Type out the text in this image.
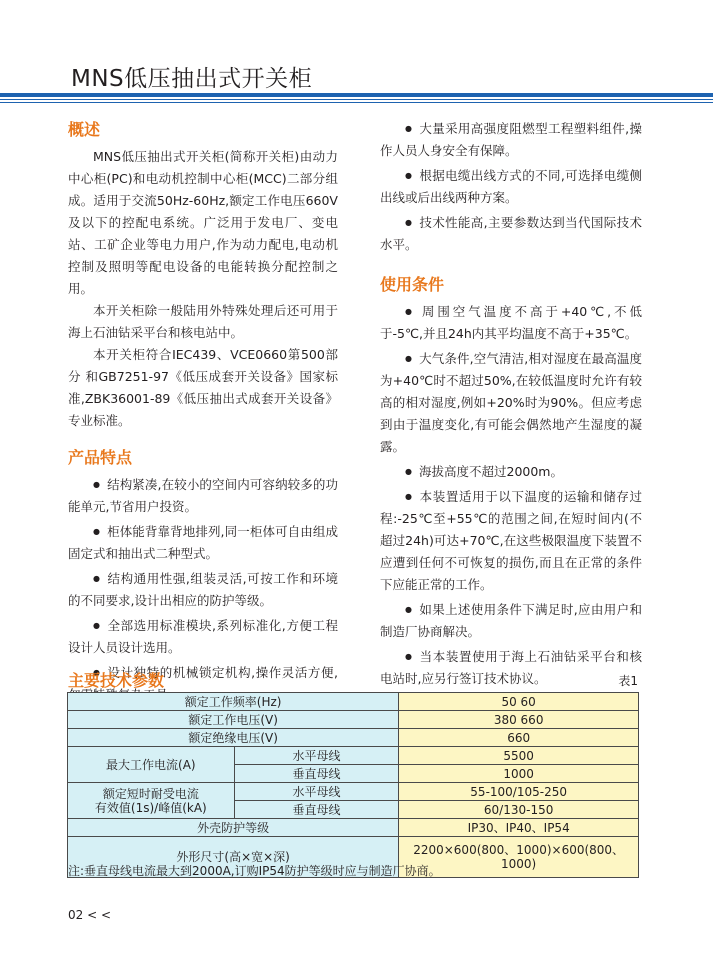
MNS低压抽出式开关柜
概述

MNS低压抽出式开关柜(简称开关柜)由动力中心柜(PC)和电动机控制中心柜(MCC)二部分组成。适用于交流50Hz-60Hz,额定工作电压660V及以下的控配电系统。广泛用于发电厂、变电站、工矿企业等电力用户,作为动力配电,电动机控制及照明等配电设备的电能转换分配控制之用。

本开关柜除一般陆用外特殊处理后还可用于海上石油钻采平台和核电站中。

本开关柜符合IEC439、VCE0660第500部分 和GB7251-97《低压成套开关设备》国家标准,ZBK36001-89《低压抽出式成套开关设备》专业标准。

产品特点

● 结构紧凑,在较小的空间内可容纳较多的功能单元,节省用户投资。

● 柜体能背靠背地排列,同一柜体可自由组成固定式和抽出式二种型式。

● 结构通用性强,组装灵活,可按工作和环境的不同要求,设计出相应的防护等级。

● 全部选用标准模块,系列标准化,方便工程设计人员设计选用。

● 设计独特的机械锁定机构,操作灵活方便,

● 大量采用高强度阻燃型工程塑料组件,操作人员人身安全有保障。

● 根据电缆出线方式的不同,可选择电缆侧出线或后出线两种方案。

● 技术性能高,主要参数达到当代国际技术水平。

使用条件

● 周围空气温度不高于+40℃,不低于-5℃,并且24h内其平均温度不高于+35℃。

● 大气条件,空气清洁,相对湿度在最高温度为+40℃时不超过50%,在较低温度时允许有较高的相对湿度,例如+20%时为90%。但应考虑到由于温度变化,有可能会偶然地产生湿度的凝露。

● 海拔高度不超过2000m。

● 本装置适用于以下温度的运输和储存过程:-25℃至+55℃的范围之间,在短时间内(不超过24h)可达+70℃,在这些极限温度下装置不应遭到任何不可恢复的损伤,而且在正常的条件下应能正常的工作。

● 如果上述使用条件下满足时,应由用户和制造厂协商解决。

● 当本装置使用于海上石油钻采平台和核电站时,应另行签订技术协议。

主要技术参数	表1
额定工作频率(Hz)		50 60
额定工作电压(V)		380 660
额定绝缘电压(V)		660
最大工作电流(A)	水平母线	5500
	垂直母线	1000

额定短时耐受电流
有效值(1s)/峰值(kA)	水平母线	55-100/105-250
	垂直母线	60/130-150
外壳防护等级		IP30、IP40、IP54
外形尺寸(高×宽×深)		2200×600(800、1000)×600(800、1000)
注:垂直母线电流最大到2000A,订购IP54防护等级时应与制造厂协商。
02 < <
